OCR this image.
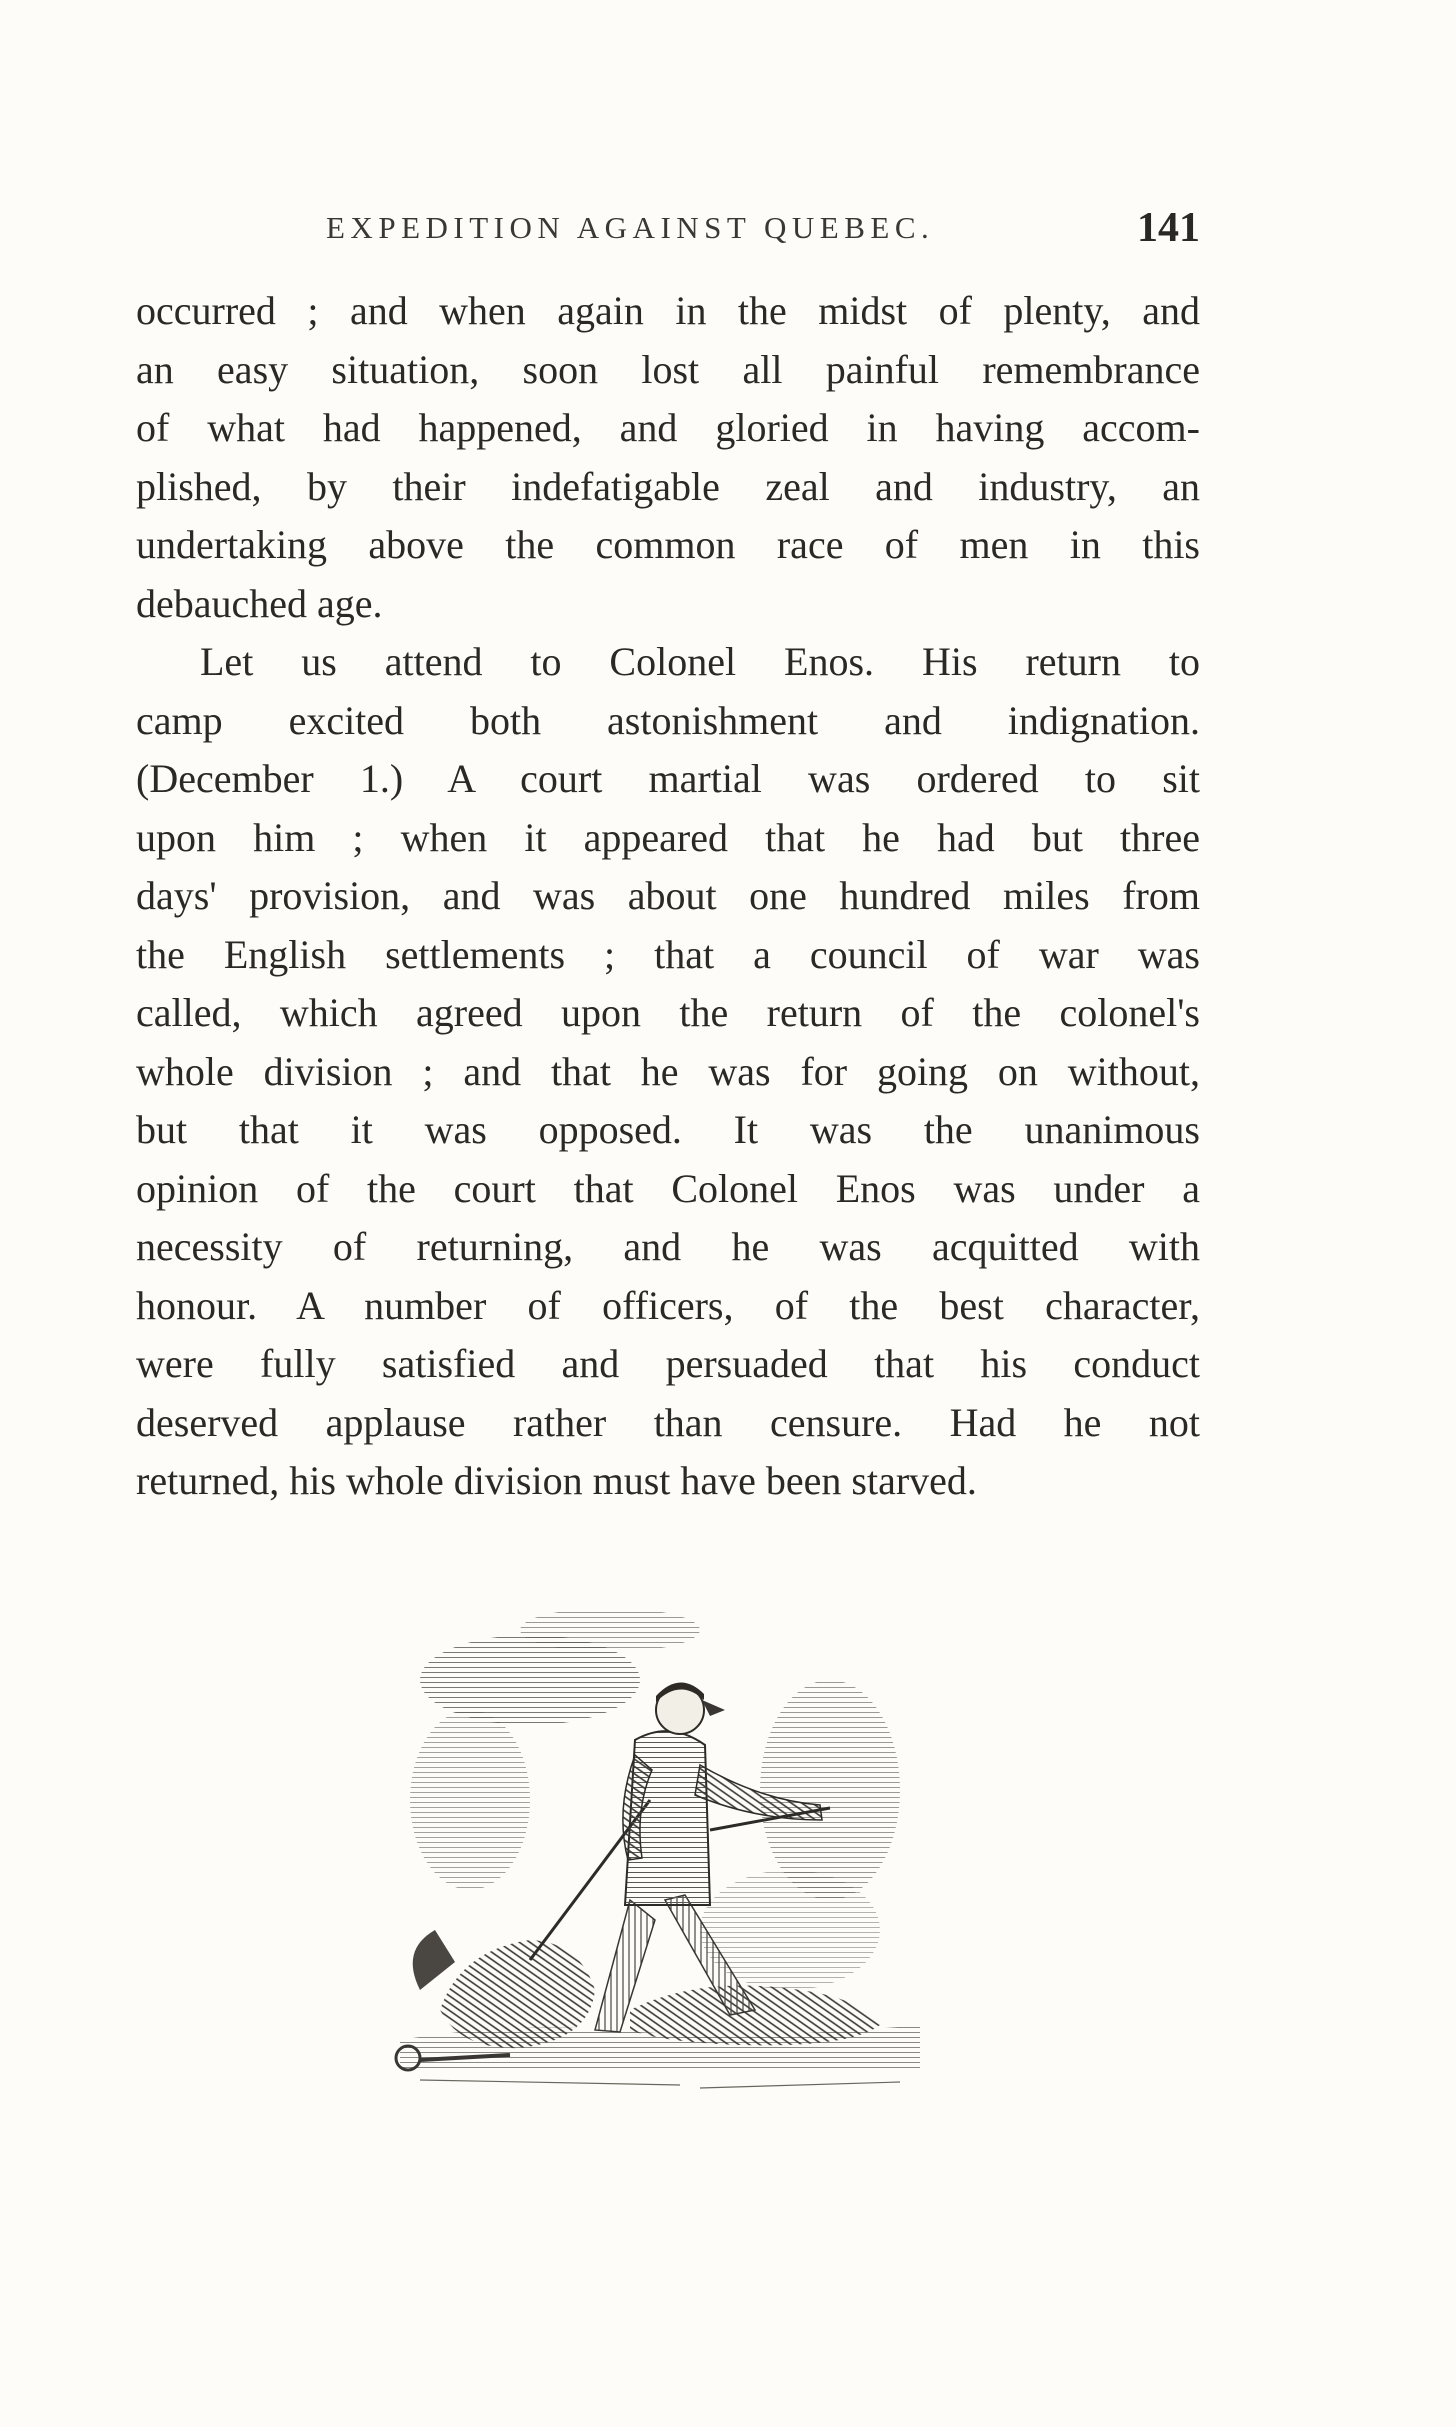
EXPEDITION AGAINST QUEBEC.	141
occurred ; and when again in the midst of plenty, and
an easy situation, soon lost all painful remembrance
of what had happened, and gloried in having accom-
plished, by their indefatigable zeal and industry, an
undertaking above the common race of men in this
debauched age.
Let us attend to Colonel Enos. His return to
camp excited both astonishment and indignation.
(December 1.) A court martial was ordered to sit
upon him ; when it appeared that he had but three
days' provision, and was about one hundred miles from
the English settlements ; that a council of war was
called, which agreed upon the return of the colonel's
whole division ; and that he was for going on without,
but that it was opposed. It was the unanimous
opinion of the court that Colonel Enos was under a
necessity of returning, and he was acquitted with
honour. A number of officers, of the best character,
were fully satisfied and persuaded that his conduct
deserved applause rather than censure. Had he not
returned, his whole division must have been starved.
